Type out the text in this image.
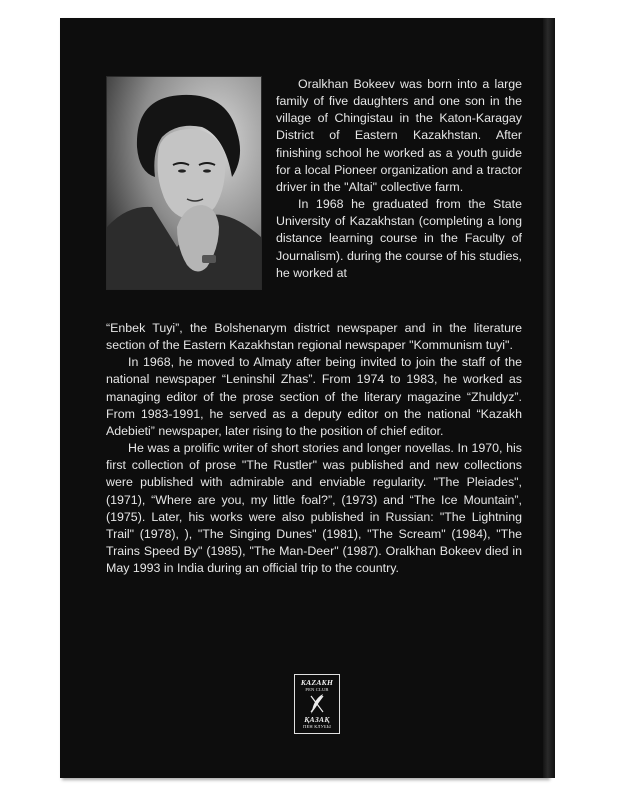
Oralkhan Bokeev was born into a large family of five daughters and one son in the village of Chingistau in the Katon-Karagay District of Eastern Kazakhstan. After finishing school he worked as a youth guide for a local Pioneer organization and a tractor driver in the "Altai" collective farm.

In 1968 he graduated from the State University of Kazakhstan (completing a long distance learning course in the Faculty of Journalism). during the course of his studies, he worked at

“Enbek Tuyi”, the Bolshenarym district newspaper and in the literature section of the Eastern Kazakhstan regional newspaper "Kommunism tuyi".

In 1968, he moved to Almaty after being invited to join the staff of the national newspaper “Leninshil Zhas”. From 1974 to 1983, he worked as managing editor of the prose section of the literary magazine “Zhuldyz”. From 1983-1991, he served as a deputy editor on the national “Kazakh Adebieti” newspaper, later rising to the position of chief editor.

He was a prolific writer of short stories and longer novellas. In 1970, his first collection of prose "The Rustler" was published and new collections were published with admirable and enviable regularity. "The Pleiades", (1971), “Where are you, my little foal?”, (1973) and “The Ice Mountain”, (1975). Later, his works were also published in Russian: "The Lightning Trail" (1978), ), "The Singing Dunes" (1981), "The Scream" (1984), "The Trains Speed By" (1985), "The Man-Deer" (1987). Oralkhan Bokeev died in May 1993 in India during an official trip to the country.

KAZAKH
PEN CLUB
ҚAЗAҚ
ПЕН КЛУБЫ
